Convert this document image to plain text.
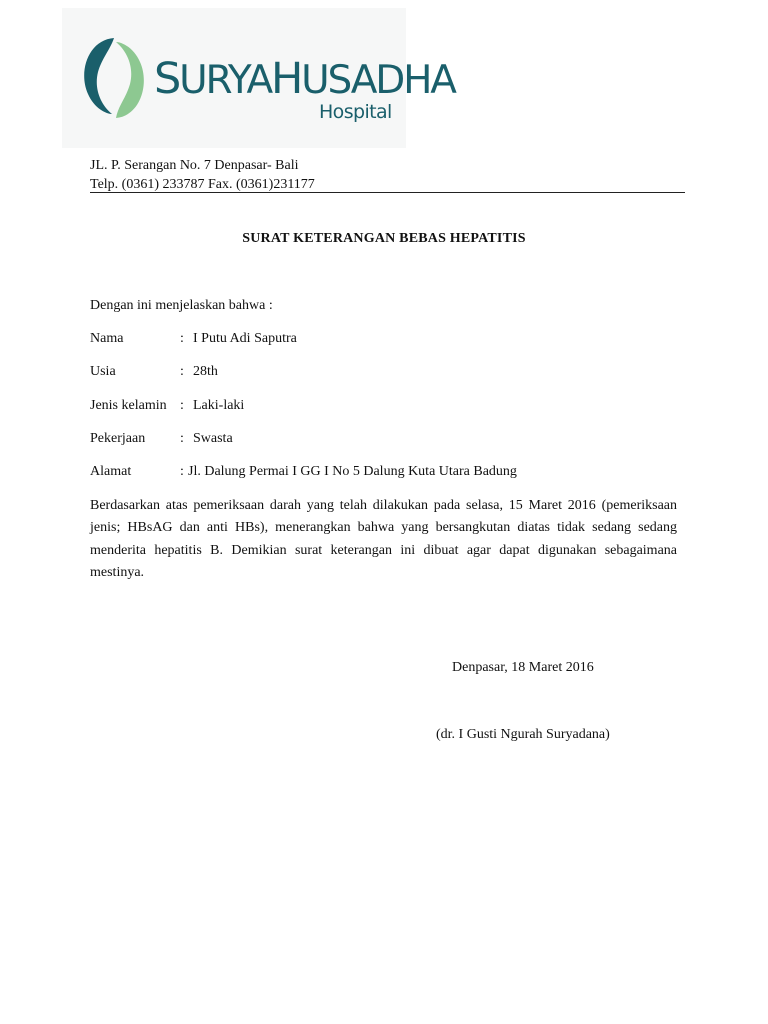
SURYAHUSADHA
Hospital
JL. P. Serangan No. 7 Denpasar- Bali
Telp. (0361) 233787 Fax. (0361)231177
SURAT KETERANGAN BEBAS HEPATITIS
Dengan ini menjelaskan bahwa :
Nama	: I Putu Adi Saputra
Usia	: 28th
Jenis kelamin : Laki-laki
Pekerjaan : Swasta
Alamat	: Jl. Dalung Permai I GG I No 5 Dalung Kuta Utara Badung
Berdasarkan atas pemeriksaan darah yang telah dilakukan pada selasa, 15 Maret 2016 (pemeriksaan jenis; HBsAG dan anti HBs), menerangkan bahwa yang bersangkutan diatas tidak sedang sedang menderita hepatitis B. Demikian surat keterangan ini dibuat agar dapat digunakan sebagaimana mestinya.
Denpasar, 18 Maret 2016
(dr. I Gusti Ngurah Suryadana)
